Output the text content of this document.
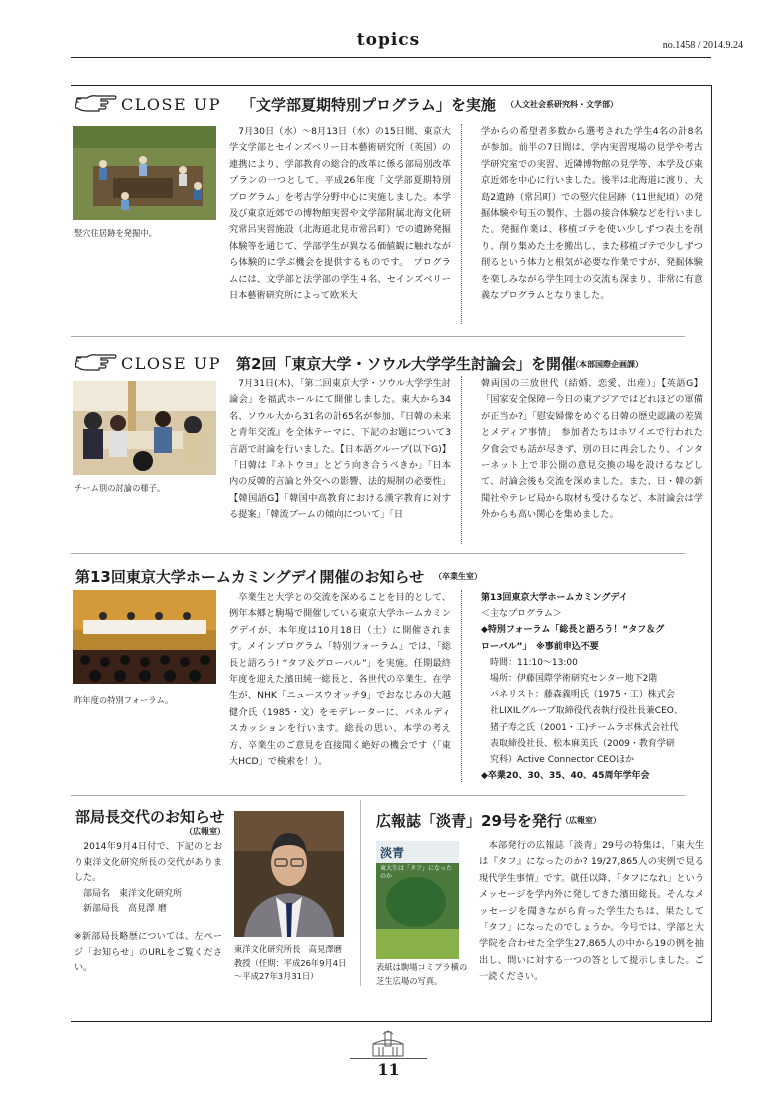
topics	no.1458 / 2014.9.24
CLOSE UP 「文学部夏期特別プログラム」を実施 （人文社会系研究科・文学部）
竪穴住居跡を発掘中。
　7月30日（水）～8月13日（水）の15日間、東京大学文学部とセインズベリー日本藝術研究所（英国）の連携により、学部教育の総合的改革に係る部局別改革プランの一つとして、平成26年度「文学部夏期特別プログラム」を考古学分野中心に実施しました。本学及び東京近郊での博物館実習や文学部附属北海文化研究常呂実習施設（北海道北見市常呂町）での遺跡発掘体験等を通じて、学部学生が異なる価値観に触れながら体験的に学ぶ機会を提供するものです。　プログラムには、文学部と法学部の学生４名、セインズベリー日本藝術研究所によって欧米大
学からの希望者多数から選考された学生4名の計8名が参加。前半の7日間は、学内実習現場の見学や考古学研究室での実習、近隣博物館の見学等、本学及び東京近郊を中心に行いました。後半は北海道に渡り、大島2遺跡（常呂町）での竪穴住居跡（11世紀頃）の発掘体験や匂玉の製作、土器の接合体験などを行いました。発掘作業は、移植ゴテを使い少しずつ表土を削り、削り集めた土を搬出し、また移植ゴテで少しずつ削るという体力と根気が必要な作業ですが、発掘体験を楽しみながら学生同士の交流も深まり、非常に有意義なプログラムとなりました。
CLOSE UP 第2回「東京大学・ソウル大学学生討論会」を開催
（本部国際企画課）
チーム別の討論の様子。
　7月31日(木)、「第二回東京大学・ソウル大学学生討論会」を福武ホールにて開催しました。東大から34名、ソウル大から31名の計65名が参加、『日韓の未来と青年交流』を全体テーマに、下記のお題について3言語で討論を行いました。【日本語グループ(以下G)】「日韓は『ネトウヨ』とどう向き合うべきか」「日本内の反韓的言論と外交への影響、法的規制の必要性」【韓国語G】「韓国中高教育における漢字教育に対する提案」「韓流ブームの傾向について」「日
韓両国の三放世代（結婚、恋愛、出産）」【英語G】「国家安全保障ー今日の東アジアではどれほどの軍備が正当か?」「慰安婦像をめぐる日韓の歴史認識の差異とメディア事情」　参加者たちはホワイエで行われた夕食会でも話が尽きず、別の日に再会したり、インターネット上で非公開の意見交換の場を設けるなどして、討論会後も交流を深めました。また、日・韓の新聞社やテレビ局から取材も受けるなど、本討論会は学外からも高い関心を集めました。
第13回東京大学ホームカミングデイ開催のお知らせ （卒業生室）
昨年度の特別フォーラム。
　卒業生と大学との交流を深めることを目的として、例年本郷と駒場で開催している東京大学ホームカミングデイが、本年度は10月18日（土）に開催されます。メインプログラム「特別フォーラム」では、「総長と語ろう! “タフ＆グローバル”」を実施。任期最終年度を迎えた濱田純一総長と、各世代の卒業生、在学生が、NHK「ニュースウオッチ9」でおなじみの大越健介氏（1985・文）をモデレーターに、パネルディスカッションを行います。総長の思い、本学の考え方、卒業生のご意見を直接聞く絶好の機会です（「東大HCD」で検索を！）。
第13回東京大学ホームカミングデイ
＜主なプログラム＞
◆特別フォーラム「総長と語ろう！“タフ＆グ
ローバル”」　※事前申込不要
　時間：11:10～13:00
　場所：伊藤国際学術研究センター地下2階
　パネリスト：藤森義明氏（1975・工）株式会
　社LIXILグループ取締役代表執行役社長兼CEO、
　猪子寿之氏（2001・工)チームラボ株式会社代
　表取締役社長、松本麻美氏（2009・教育学研
　究科）Active Connector CEOほか
◆卒業20、30、35、40、45周年学年会
部局長交代のお知らせ
（広報室）
　2014年9月4日付で、下記のとおり東洋文化研究所長の交代がありました。
　部局名　東洋文化研究所
　新部局長　高見澤 磨
※新部局長略歴については、左ページ「お知らせ」のURLをご覧ください。
東洋文化研究所長　高見澤磨教授（任期：平成26年9月4日～平成27年3月31日）
広報誌「淡青」29号を発行 （広報室）
淡青
東大生は「タフ」になったのか
表紙は駒場コミプラ横の芝生広場の写真。
　本部発行の広報誌「淡青」29号の特集は、「東大生は『タフ』になったのか? 19/27,865人の実例で見る現代学生事情」です。就任以降、「タフになれ」というメッセージを学内外に発してきた濱田総長。そんなメッセージを聞きながら育った学生たちは、果たして「タフ」になったのでしょうか。今号では、学部と大学院を合わせた全学生27,865人の中から19の例を抽出し、問いに対する一つの答として提示しました。ご一読ください。
11
